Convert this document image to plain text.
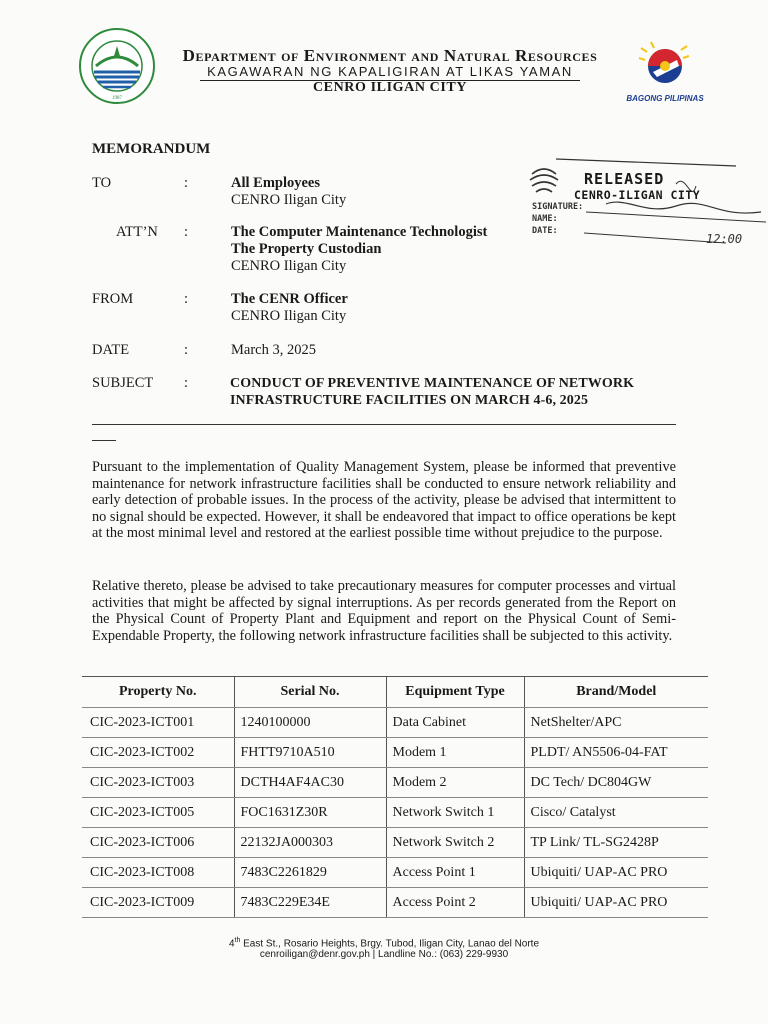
1987
Department of Environment and Natural Resources
KAGAWARAN NG KAPALIGIRAN AT LIKAS YAMAN
CENRO ILIGAN CITY
BAGONG PILIPINAS
SIGNATURE:
NAME:
DATE:
12:00
RELEASED
CENRO-ILIGAN CITY
MEMORANDUM
TO	:	All Employees
CENRO Iligan City
ATT’N :	The Computer Maintenance Technologist
The Property Custodian
CENRO Iligan City
FROM	:	The CENR Officer
CENRO Iligan City
DATE	:	March 3, 2025
SUBJECT :	CONDUCT OF PREVENTIVE MAINTENANCE OF NETWORK
INFRASTRUCTURE FACILITIES ON MARCH 4-6, 2025
Pursuant to the implementation of Quality Management System, please be informed that preventive maintenance for network infrastructure facilities shall be conducted to ensure network reliability and early detection of probable issues. In the process of the activity, please be advised that intermittent to no signal should be expected. However, it shall be endeavored that impact to office operations be kept at the most minimal level and restored at the earliest possible time without prejudice to the purpose.
Relative thereto, please be advised to take precautionary measures for computer processes and virtual activities that might be affected by signal interruptions. As per records generated from the Report on the Physical Count of Property Plant and Equipment and report on the Physical Count of Semi-Expendable Property, the following network infrastructure facilities shall be subjected to this activity.
Property No.	Serial No.	Equipment Type	Brand/Model
CIC-2023-ICT001	1240100000	Data Cabinet	NetShelter/APC
CIC-2023-ICT002	FHTT9710A510	Modem 1	PLDT/ AN5506-04-FAT
CIC-2023-ICT003	DCTH4AF4AC30	Modem 2	DC Tech/ DC804GW
CIC-2023-ICT005	FOC1631Z30R	Network Switch 1	Cisco/ Catalyst
CIC-2023-ICT006	22132JA000303	Network Switch 2	TP Link/ TL-SG2428P
CIC-2023-ICT008	7483C2261829	Access Point 1	Ubiquiti/ UAP-AC PRO
CIC-2023-ICT009	7483C229E34E	Access Point 2	Ubiquiti/ UAP-AC PRO
4th East St., Rosario Heights, Brgy. Tubod, Iligan City, Lanao del Norte
cenroiligan@denr.gov.ph | Landline No.: (063) 229-9930
